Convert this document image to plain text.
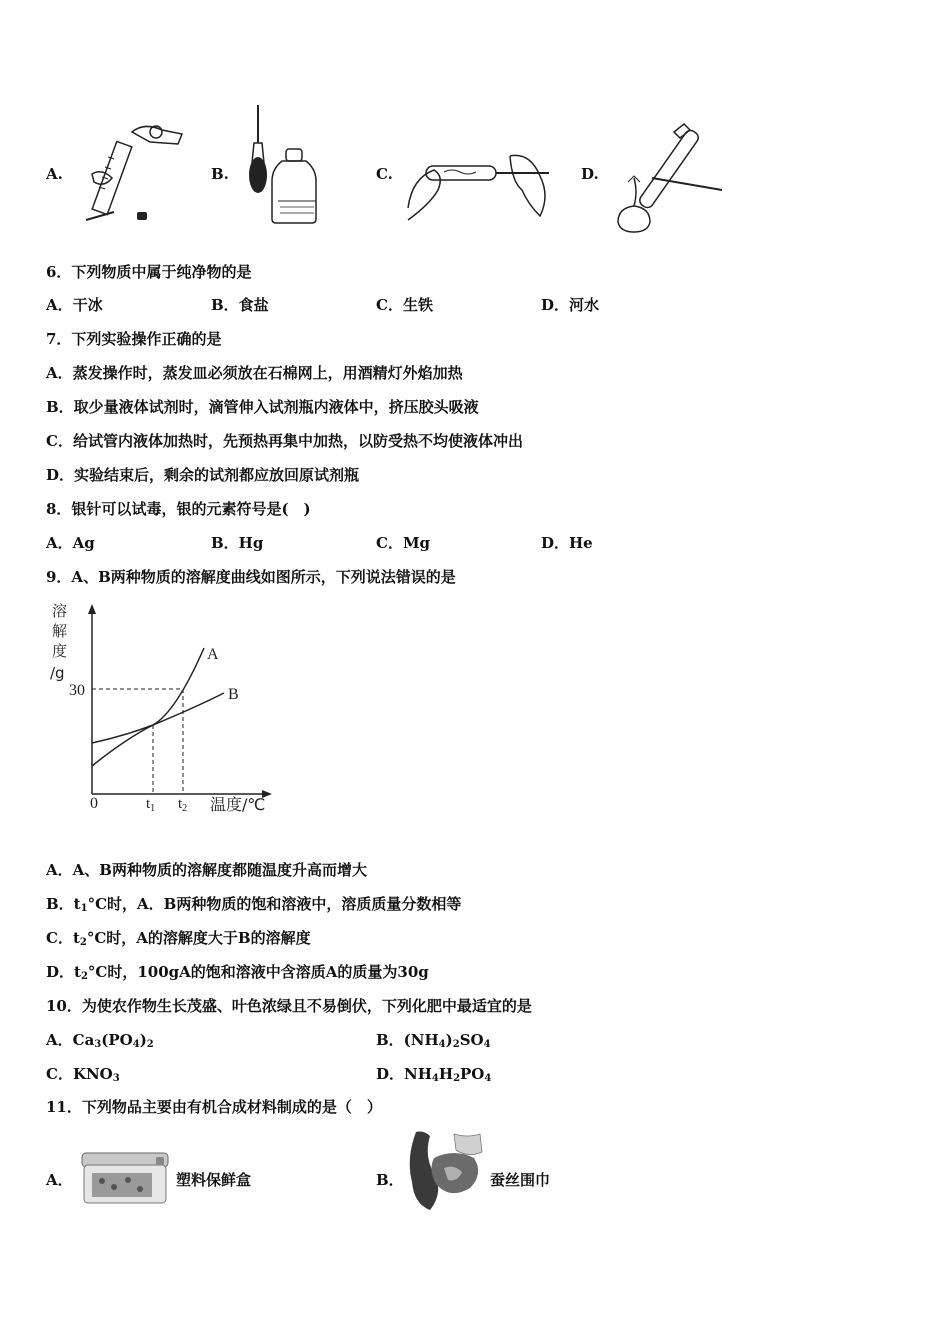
A.	B.	C.	D.
6．下列物质中属于纯净物的是
A．干冰	B．食盐	C．生铁	D．河水
7．下列实验操作正确的是
A．蒸发操作时，蒸发皿必须放在石棉网上，用酒精灯外焰加热
B．取少量液体试剂时，滴管伸入试剂瓶内液体中，挤压胶头吸液
C．给试管内液体加热时，先预热再集中加热，以防受热不均使液体冲出
D．实验结束后，剩余的试剂都应放回原试剂瓶
8．银针可以试毒，银的元素符号是(　)
A．Ag	B．Hg	C．Mg	D．He
9．A、B两种物质的溶解度曲线如图所示，下列说法错误的是
溶
解
度
/g
30
A
B
0	$t_1$ $t_2$ 温度/℃
A．A、B两种物质的溶解度都随温度升高而增大
B．$t_1^\circ C$时，A．B两种物质的饱和溶液中，溶质质量分数相等
C．$t_2^\circ C$时，A的溶解度大于B的溶解度
D．$t_2^\circ C$时，100gA的饱和溶液中含溶质A的质量为30g
10．为使农作物生长茂盛、叶色浓绿且不易倒伏，下列化肥中最适宜的是
A．$Ca_3(PO_4)_2$	B．$(NH_4)_2SO_4$
C．$KNO_3$	D．$NH_4H_2PO_4$
11．下列物品主要由有机合成材料制成的是（　）
A．	塑料保鲜盒	B．	蚕丝围巾
